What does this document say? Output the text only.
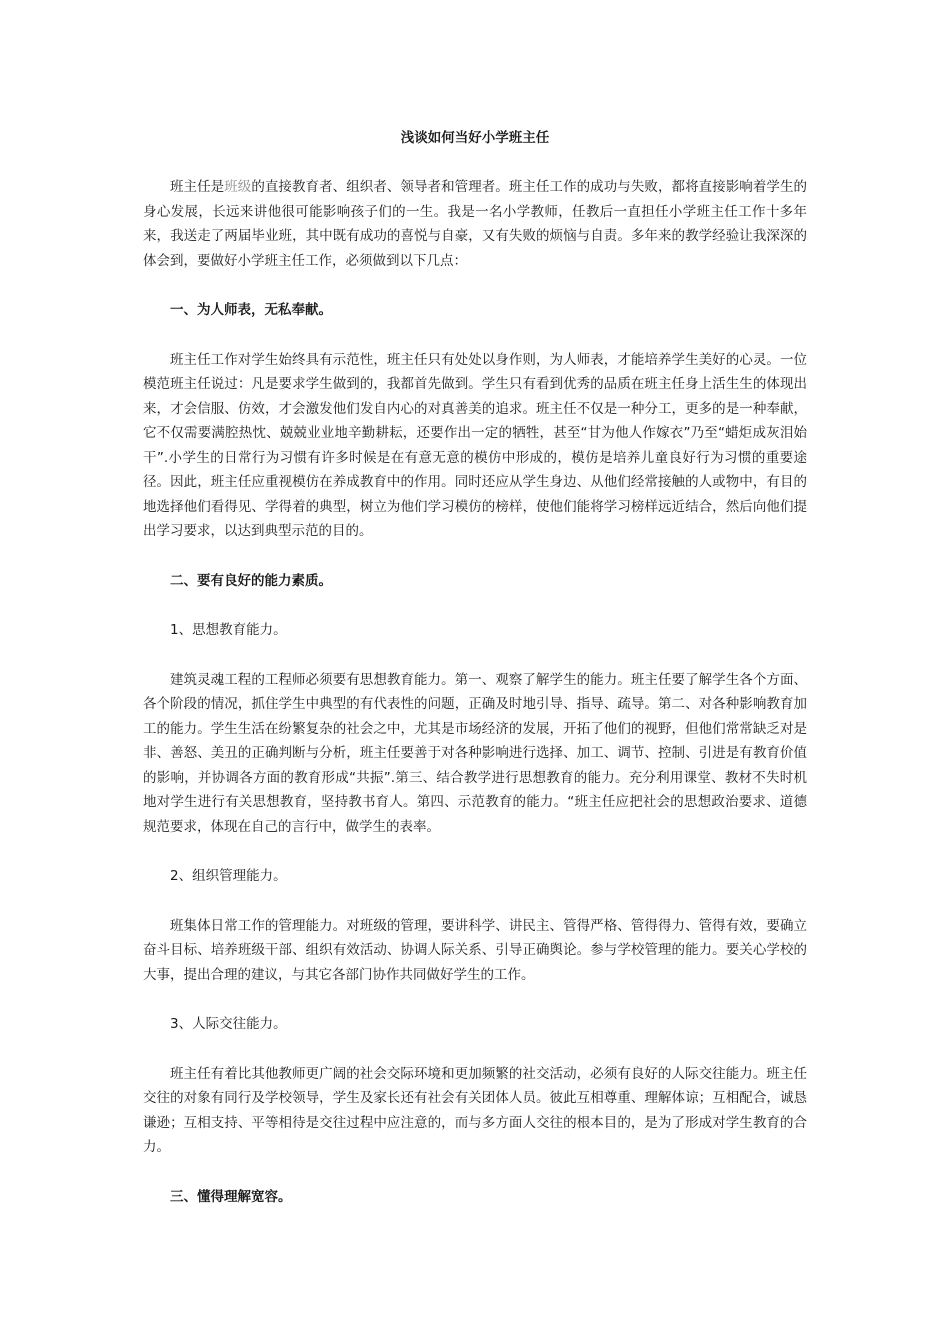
浅谈如何当好小学班主任

班主任是班级的直接教育者、组织者、领导者和管理者。班主任工作的成功与失败，都将直接影响着学生的身心发展，长远来讲他很可能影响孩子们的一生。我是一名小学教师，任教后一直担任小学班主任工作十多年来，我送走了两届毕业班，其中既有成功的喜悦与自豪，又有失败的烦恼与自责。多年来的教学经验让我深深的体会到，要做好小学班主任工作，必须做到以下几点：

一、为人师表，无私奉献。

班主任工作对学生始终具有示范性，班主任只有处处以身作则，为人师表，才能培养学生美好的心灵。一位模范班主任说过：凡是要求学生做到的，我都首先做到。学生只有看到优秀的品质在班主任身上活生生的体现出来，才会信服、仿效，才会激发他们发自内心的对真善美的追求。班主任不仅是一种分工，更多的是一种奉献，它不仅需要满腔热忱、兢兢业业地辛勤耕耘，还要作出一定的牺牲，甚至“甘为他人作嫁衣”乃至“蜡炬成灰泪始干”.小学生的日常行为习惯有许多时候是在有意无意的模仿中形成的，模仿是培养儿童良好行为习惯的重要途径。因此，班主任应重视模仿在养成教育中的作用。同时还应从学生身边、从他们经常接触的人或物中，有目的地选择他们看得见、学得着的典型，树立为他们学习模仿的榜样，使他们能将学习榜样远近结合，然后向他们提出学习要求，以达到典型示范的目的。

二、要有良好的能力素质。

1、思想教育能力。

建筑灵魂工程的工程师必须要有思想教育能力。第一、观察了解学生的能力。班主任要了解学生各个方面、各个阶段的情况，抓住学生中典型的有代表性的问题，正确及时地引导、指导、疏导。第二、对各种影响教育加工的能力。学生生活在纷繁复杂的社会之中，尤其是市场经济的发展，开拓了他们的视野，但他们常常缺乏对是非、善怒、美丑的正确判断与分析，班主任要善于对各种影响进行选择、加工、调节、控制、引进是有教育价值的影响，并协调各方面的教育形成“共振”.第三、结合教学进行思想教育的能力。充分利用课堂、教材不失时机地对学生进行有关思想教育，坚持教书育人。第四、示范教育的能力。“班主任应把社会的思想政治要求、道德规范要求，体现在自己的言行中，做学生的表率。

2、组织管理能力。

班集体日常工作的管理能力。对班级的管理，要讲科学、讲民主、管得严格、管得得力、管得有效，要确立奋斗目标、培养班级干部、组织有效活动、协调人际关系、引导正确舆论。参与学校管理的能力。要关心学校的大事，提出合理的建议，与其它各部门协作共同做好学生的工作。

3、人际交往能力。

班主任有着比其他教师更广阔的社会交际环境和更加频繁的社交活动，必须有良好的人际交往能力。班主任交往的对象有同行及学校领导，学生及家长还有社会有关团体人员。彼此互相尊重、理解体谅；互相配合，诚恳谦逊；互相支持、平等相待是交往过程中应注意的，而与多方面人交往的根本目的，是为了形成对学生教育的合力。

三、懂得理解宽容。
